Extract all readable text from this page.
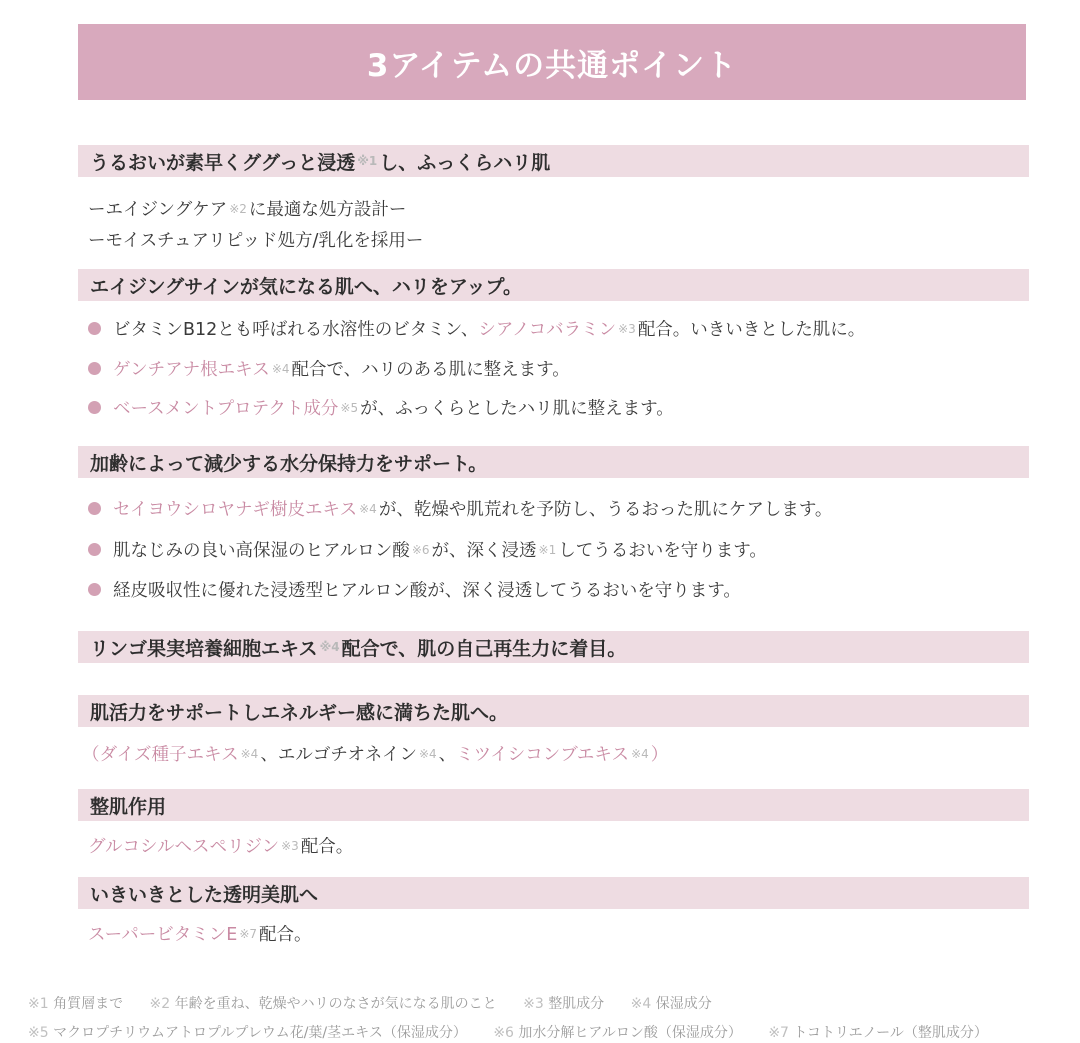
3アイテムの共通ポイント
うるおいが素早くググっと浸透 ※1 し、ふっくらハリ肌
ーエイジングケア ※2 に最適な処方設計ー
ーモイスチュアリピッド処方/乳化を採用ー
エイジングサインが気になる肌へ、ハリをアップ。
ビタミンB12とも呼ばれる水溶性のビタミン、 シアノコバラミン ※3 配合。いきいきとした肌に。
ゲンチアナ根エキス ※4 配合で、ハリのある肌に整えます。
ベースメントプロテクト成分 ※5 が、ふっくらとしたハリ肌に整えます。
加齢によって減少する水分保持力をサポート。
セイヨウシロヤナギ樹皮エキス ※4 が、乾燥や肌荒れを予防し、うるおった肌にケアします。
肌なじみの良い高保湿のヒアルロン酸 ※6 が、深く浸透 ※1 してうるおいを守ります。
経皮吸収性に優れた浸透型ヒアルロン酸が、深く浸透してうるおいを守ります。
リンゴ果実培養細胞エキス ※4 配合で、肌の自己再生力に着目。
肌活力をサポートしエネルギー感に満ちた肌へ。
（ ダイズ種子エキス ※4 、エルゴチオネイン ※4 、 ミツイシコンブエキス ※4 ）
整肌作用
グルコシルヘスペリジン ※3 配合。
いきいきとした透明美肌へ
スーパービタミンE ※7 配合。
※1 角質層まで ※2 年齢を重ね、乾燥やハリのなさが気になる肌のこと ※3 整肌成分 ※4 保湿成分
※5 マクロプチリウムアトロプルプレウム花/葉/茎エキス（保湿成分） ※6 加水分解ヒアルロン酸（保湿成分） ※7 トコトリエノール（整肌成分）
